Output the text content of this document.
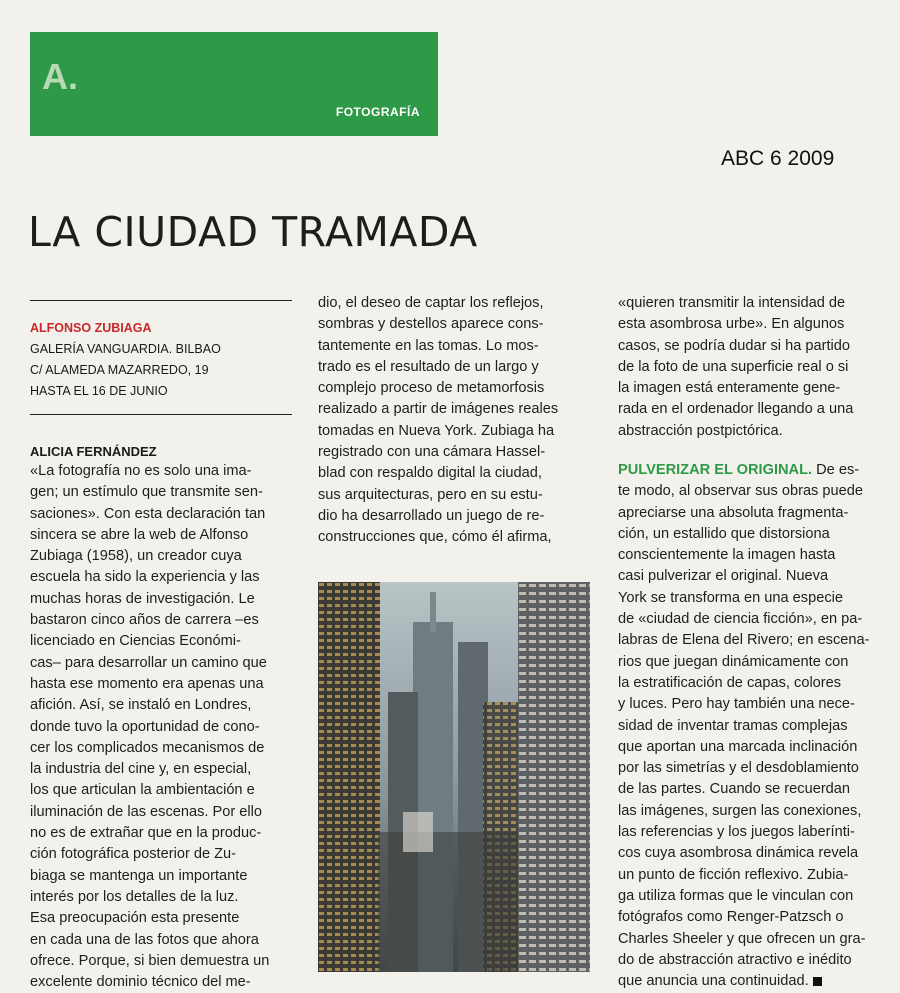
A.
FOTOGRAFÍA
ABC 6 2009
LA CIUDAD TRAMADA
ALFONSO ZUBIAGA
GALERÍA VANGUARDIA. BILBAO
C/ ALAMEDA MAZARREDO, 19
HASTA EL 16 DE JUNIO
ALICIA FERNÁNDEZ
«La fotografía no es solo una ima-
gen; un estímulo que transmite sen-
saciones». Con esta declaración tan
sincera se abre la web de Alfonso
Zubiaga (1958), un creador cuya
escuela ha sido la experiencia y las
muchas horas de investigación. Le
bastaron cinco años de carrera –es
licenciado en Ciencias Económi-
cas– para desarrollar un camino que
hasta ese momento era apenas una
afición. Así, se instaló en Londres,
donde tuvo la oportunidad de cono-
cer los complicados mecanismos de
la industria del cine y, en especial,
los que articulan la ambientación e
iluminación de las escenas. Por ello
no es de extrañar que en la produc-
ción fotográfica posterior de Zu-
biaga se mantenga un importante
interés por los detalles de la luz.
Esa preocupación esta presente
en cada una de las fotos que ahora
ofrece. Porque, si bien demuestra un
excelente dominio técnico del me-
dio, el deseo de captar los reflejos,
sombras y destellos aparece cons-
tantemente en las tomas. Lo mos-
trado es el resultado de un largo y
complejo proceso de metamorfosis
realizado a partir de imágenes reales
tomadas en Nueva York. Zubiaga ha
registrado con una cámara Hassel-
blad con respaldo digital la ciudad,
sus arquitecturas, pero en su estu-
dio ha desarrollado un juego de re-
construcciones que, cómo él afirma,
«quieren transmitir la intensidad de
esta asombrosa urbe». En algunos
casos, se podría dudar si ha partido
de la foto de una superficie real o si
la imagen está enteramente gene-
rada en el ordenador llegando a una
abstracción postpictórica.
PULVERIZAR EL ORIGINAL. De es-
te modo, al observar sus obras puede
apreciarse una absoluta fragmenta-
ción, un estallido que distorsiona
conscientemente la imagen hasta
casi pulverizar el original. Nueva
York se transforma en una especie
de «ciudad de ciencia ficción», en pa-
labras de Elena del Rivero; en escena-
rios que juegan dinámicamente con
la estratificación de capas, colores
y luces. Pero hay también una nece-
sidad de inventar tramas complejas
que aportan una marcada inclinación
por las simetrías y el desdoblamiento
de las partes. Cuando se recuerdan
las imágenes, surgen las conexiones,
las referencias y los juegos laberínti-
cos cuya asombrosa dinámica revela
un punto de ficción reflexivo. Zubia-
ga utiliza formas que le vinculan con
fotógrafos como Renger-Patzsch o
Charles Sheeler y que ofrecen un gra-
do de abstracción atractivo e inédito
que anuncia una continuidad.
